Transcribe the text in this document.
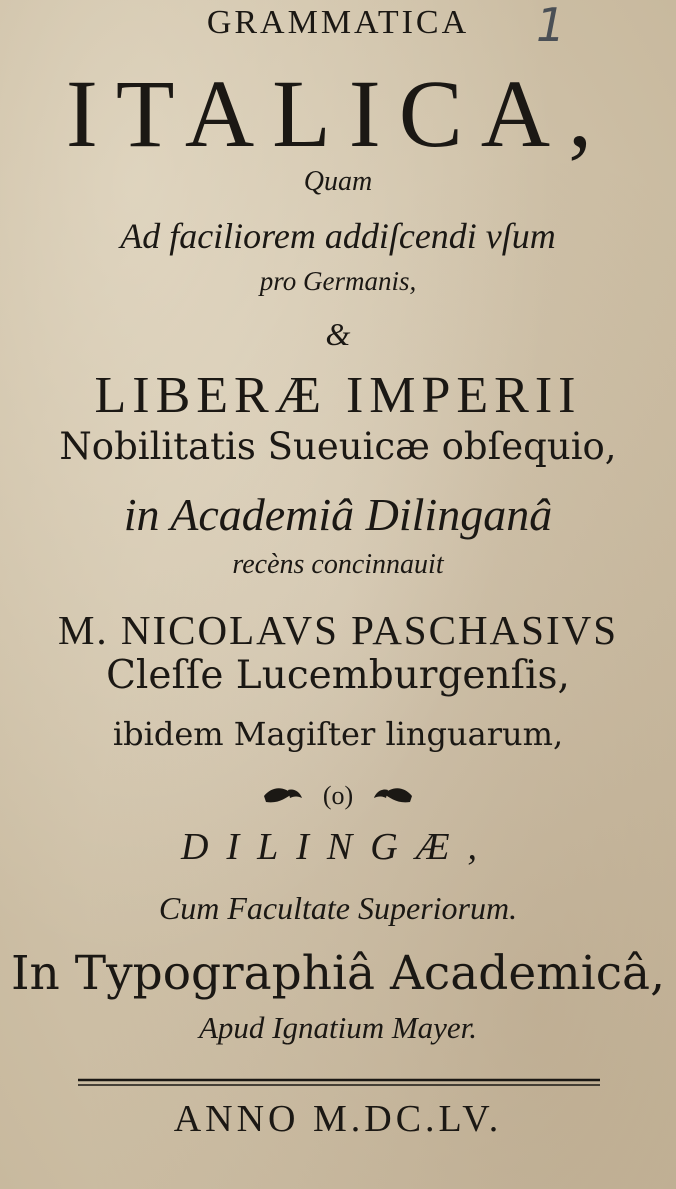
1

GRAMMATICA

ITALICA,

Quam

Ad faciliorem addiſcendi vſum

pro Germanis,

&

LIBERÆ IMPERII

Nobilitatis Sueuicæ obſequio,

in Academiâ Dilinganâ

recèns concinnauit

M. NICOLAVS PASCHASIVS

Cleſſe Lucemburgenſis,

ibidem Magiſter linguarum,

(o)

DILINGÆ,

Cum Facultate Superiorum.

In Typographiâ Academicâ,

Apud Ignatium Mayer.

ANNO M.DC.LV.
